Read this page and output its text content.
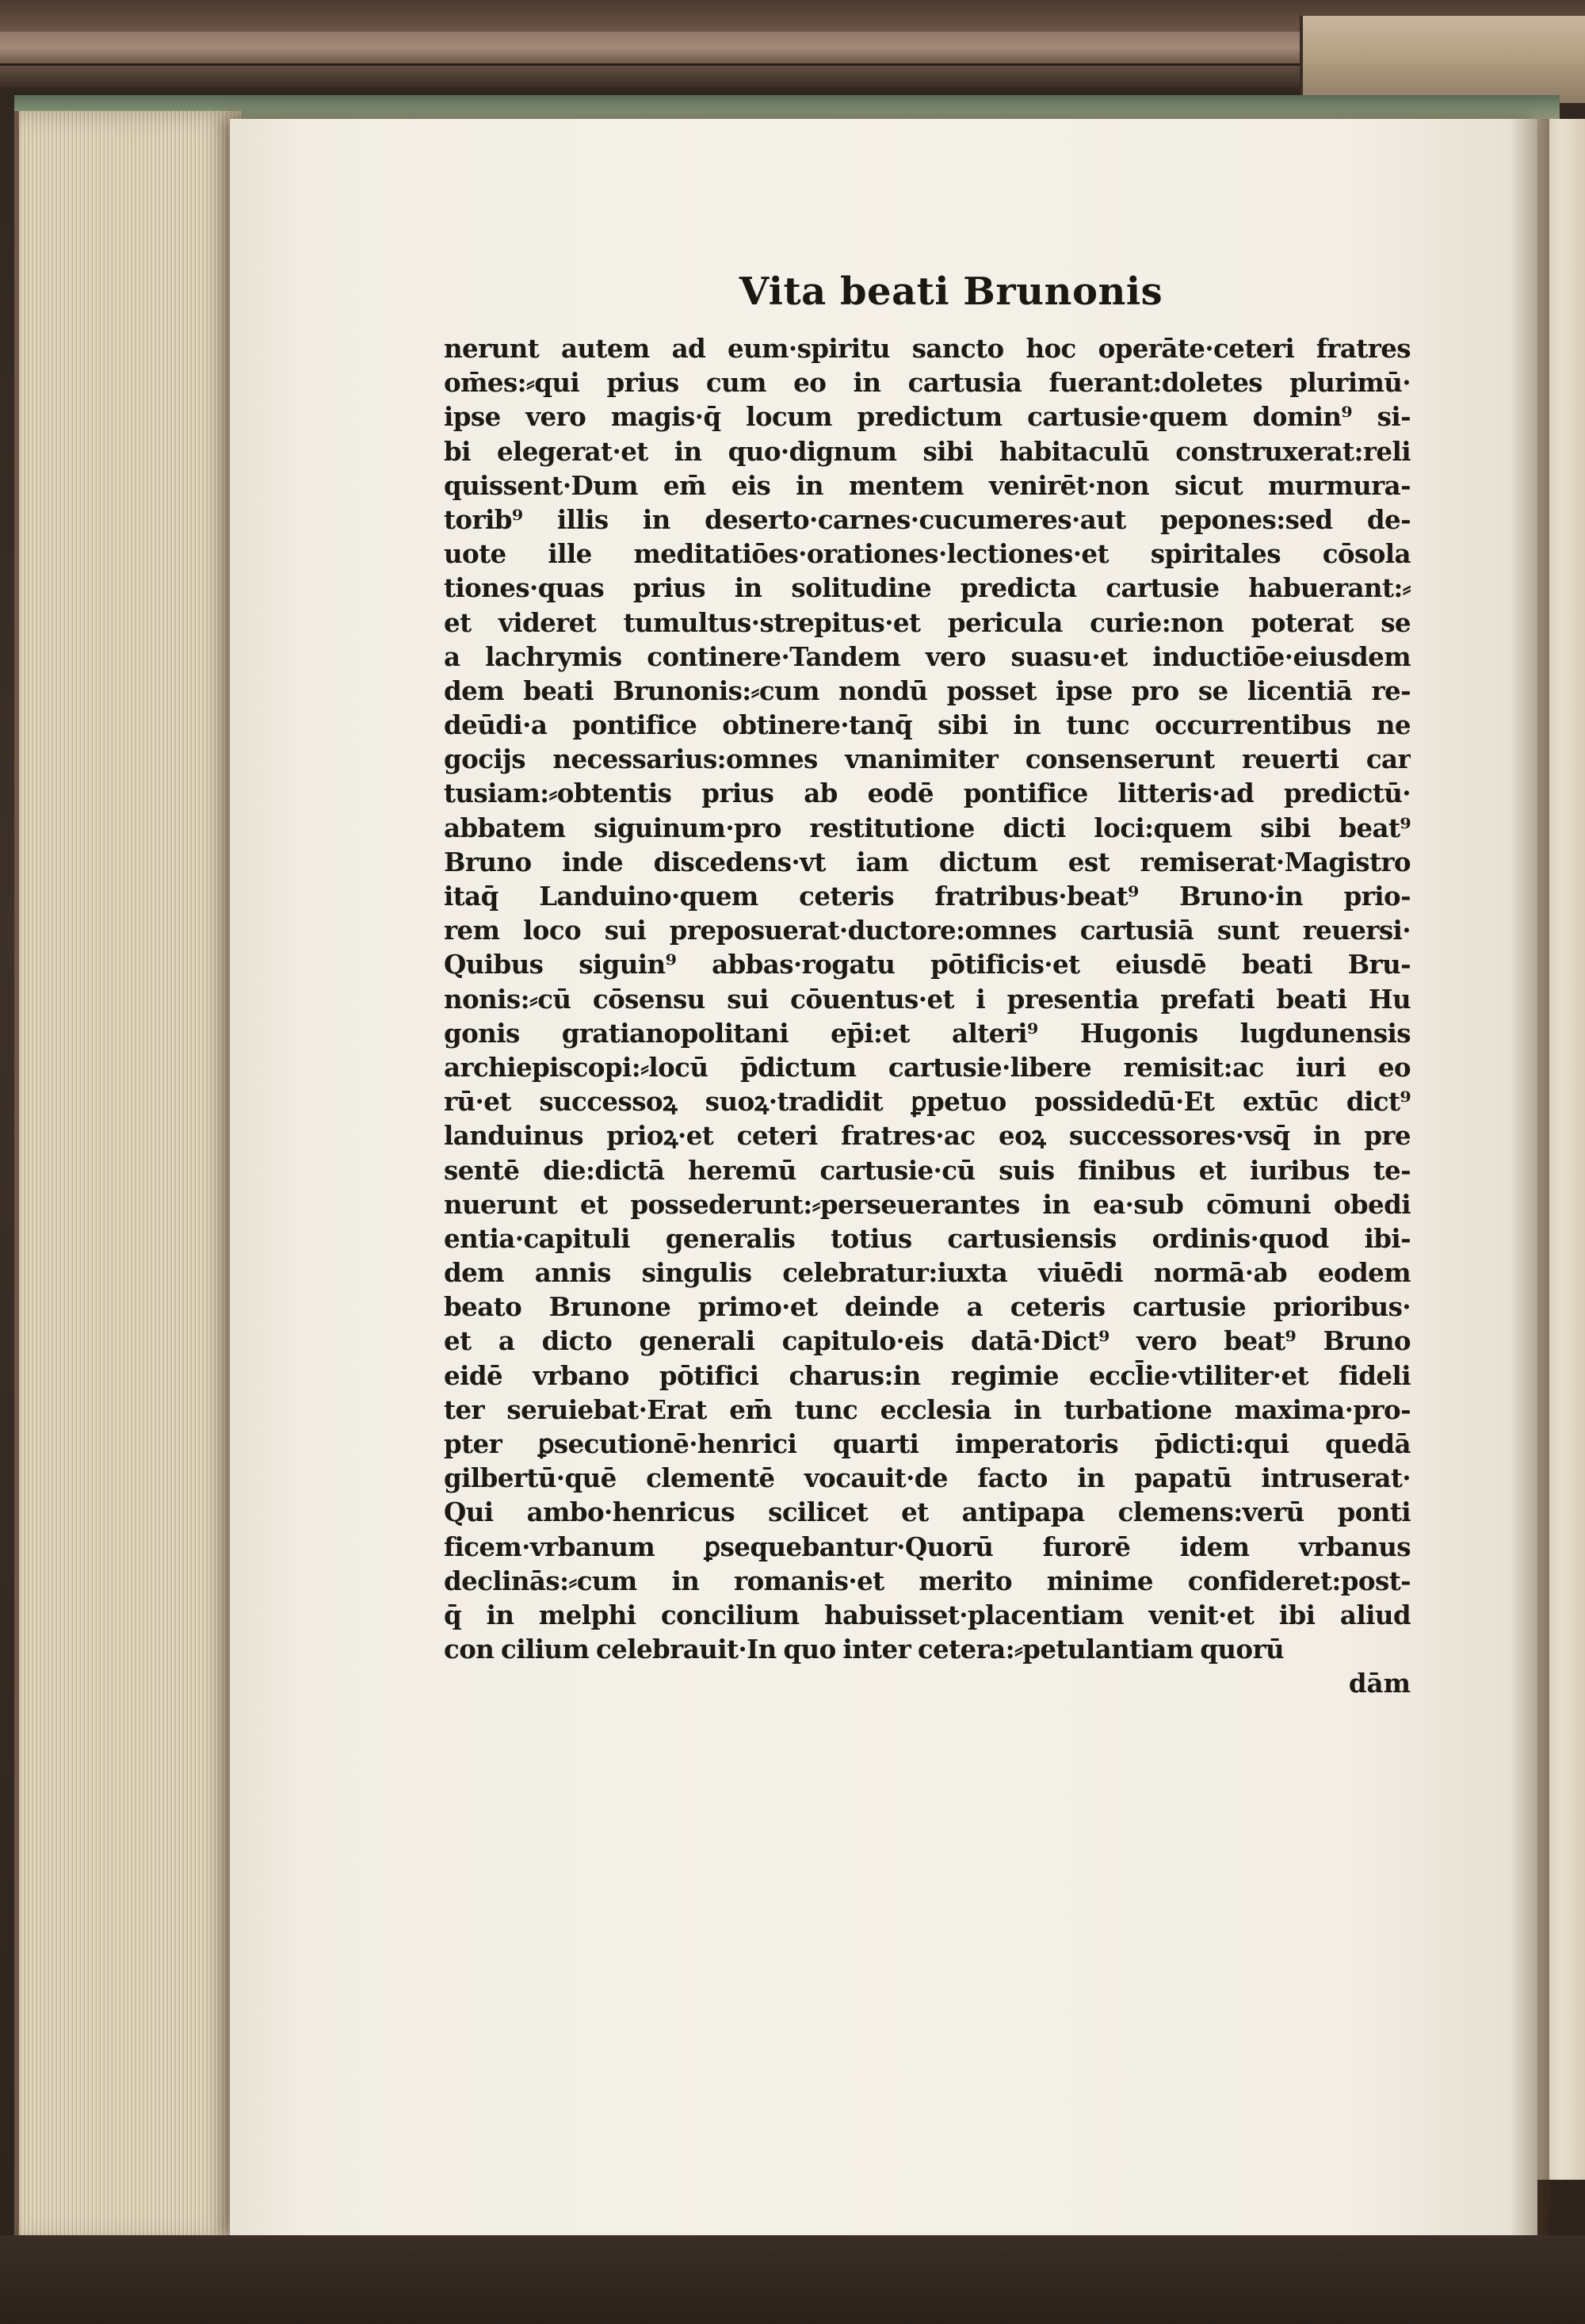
Vita beati Brunonis
nerunt autem ad eum·spiritu sancto hoc operāte·ceteri fratres
om̄es:⸗qui prius cum eo in cartusia fuerant:doletes plurimū·
ipse vero magis·q̄ locum predictum cartusie·quem domin⁹ si-
bi elegerat·et in quo·dignum sibi habitaculū construxerat:reli
quissent·Dum em̄ eis in mentem venirēt·non sicut murmura-
torib⁹ illis in deserto·carnes·cucumeres·aut pepones:sed de-
uote ille meditatiōes·orationes·lectiones·et spiritales cōsola
tiones·quas prius in solitudine predicta cartusie habuerant:⸗
et videret tumultus·strepitus·et pericula curie:non poterat se
a lachrymis continere·Tandem vero suasu·et inductiōe·eiusdem
dem beati Brunonis:⸗cum nondū posset ipse pro se licentiā re-
deūdi·a pontifice obtinere·tanq̄ sibi in tunc occurrentibus ne
gocijs necessarius:omnes vnanimiter consenserunt reuerti car
tusiam:⸗obtentis prius ab eodē pontifice litteris·ad predictū·
abbatem siguinum·pro restitutione dicti loci:quem sibi beat⁹
Bruno inde discedens·vt iam dictum est remiserat·Magistro
itaq̄ Landuino·quem ceteris fratribus·beat⁹ Bruno·in prio-
rem loco sui preposuerat·ductore:omnes cartusiā sunt reuersi·
Quibus siguin⁹ abbas·rogatu pōtificis·et eiusdē beati Bru-
nonis:⸗cū cōsensu sui cōuentus·et i presentia prefati beati Hu
gonis gratianopolitani ep̄i:et alteri⁹ Hugonis lugdunensis
archiepiscopi:⸗locū p̄dictum cartusie·libere remisit:ac iuri eo
rū·et successoꝝ suoꝝ·tradidit ꝑpetuo possidedū·Et extūc dict⁹
landuinus prioꝝ·et ceteri fratres·ac eoꝝ successores·vsq̄ in pre
sentē die:dictā heremū cartusie·cū suis finibus et iuribus te-
nuerunt et possederunt:⸗perseuerantes in ea·sub cōmuni obedi
entia·capituli generalis totius cartusiensis ordinis·quod ibi-
dem annis singulis celebratur:iuxta viuēdi normā·ab eodem
beato Brunone primo·et deinde a ceteris cartusie prioribus·
et a dicto generali capitulo·eis datā·Dict⁹ vero beat⁹ Bruno
eidē vrbano pōtifici charus:in regimie eccl̄ie·vtiliter·et fideli
ter seruiebat·Erat em̄ tunc ecclesia in turbatione maxima·pro-
pter ꝑsecutionē·henrici quarti imperatoris p̄dicti:qui quedā
gilbertū·quē clementē vocauit·de facto in papatū intruserat·
Qui ambo·henricus scilicet et antipapa clemens:verū ponti
ficem·vrbanum ꝑsequebantur·Quorū furorē idem vrbanus
declinās:⸗cum in romanis·et merito minime confideret:post-
q̄ in melphi concilium habuisset·placentiam venit·et ibi aliud
con cilium celebrauit·In quo inter cetera:⸗petulantiam quorū
dām
